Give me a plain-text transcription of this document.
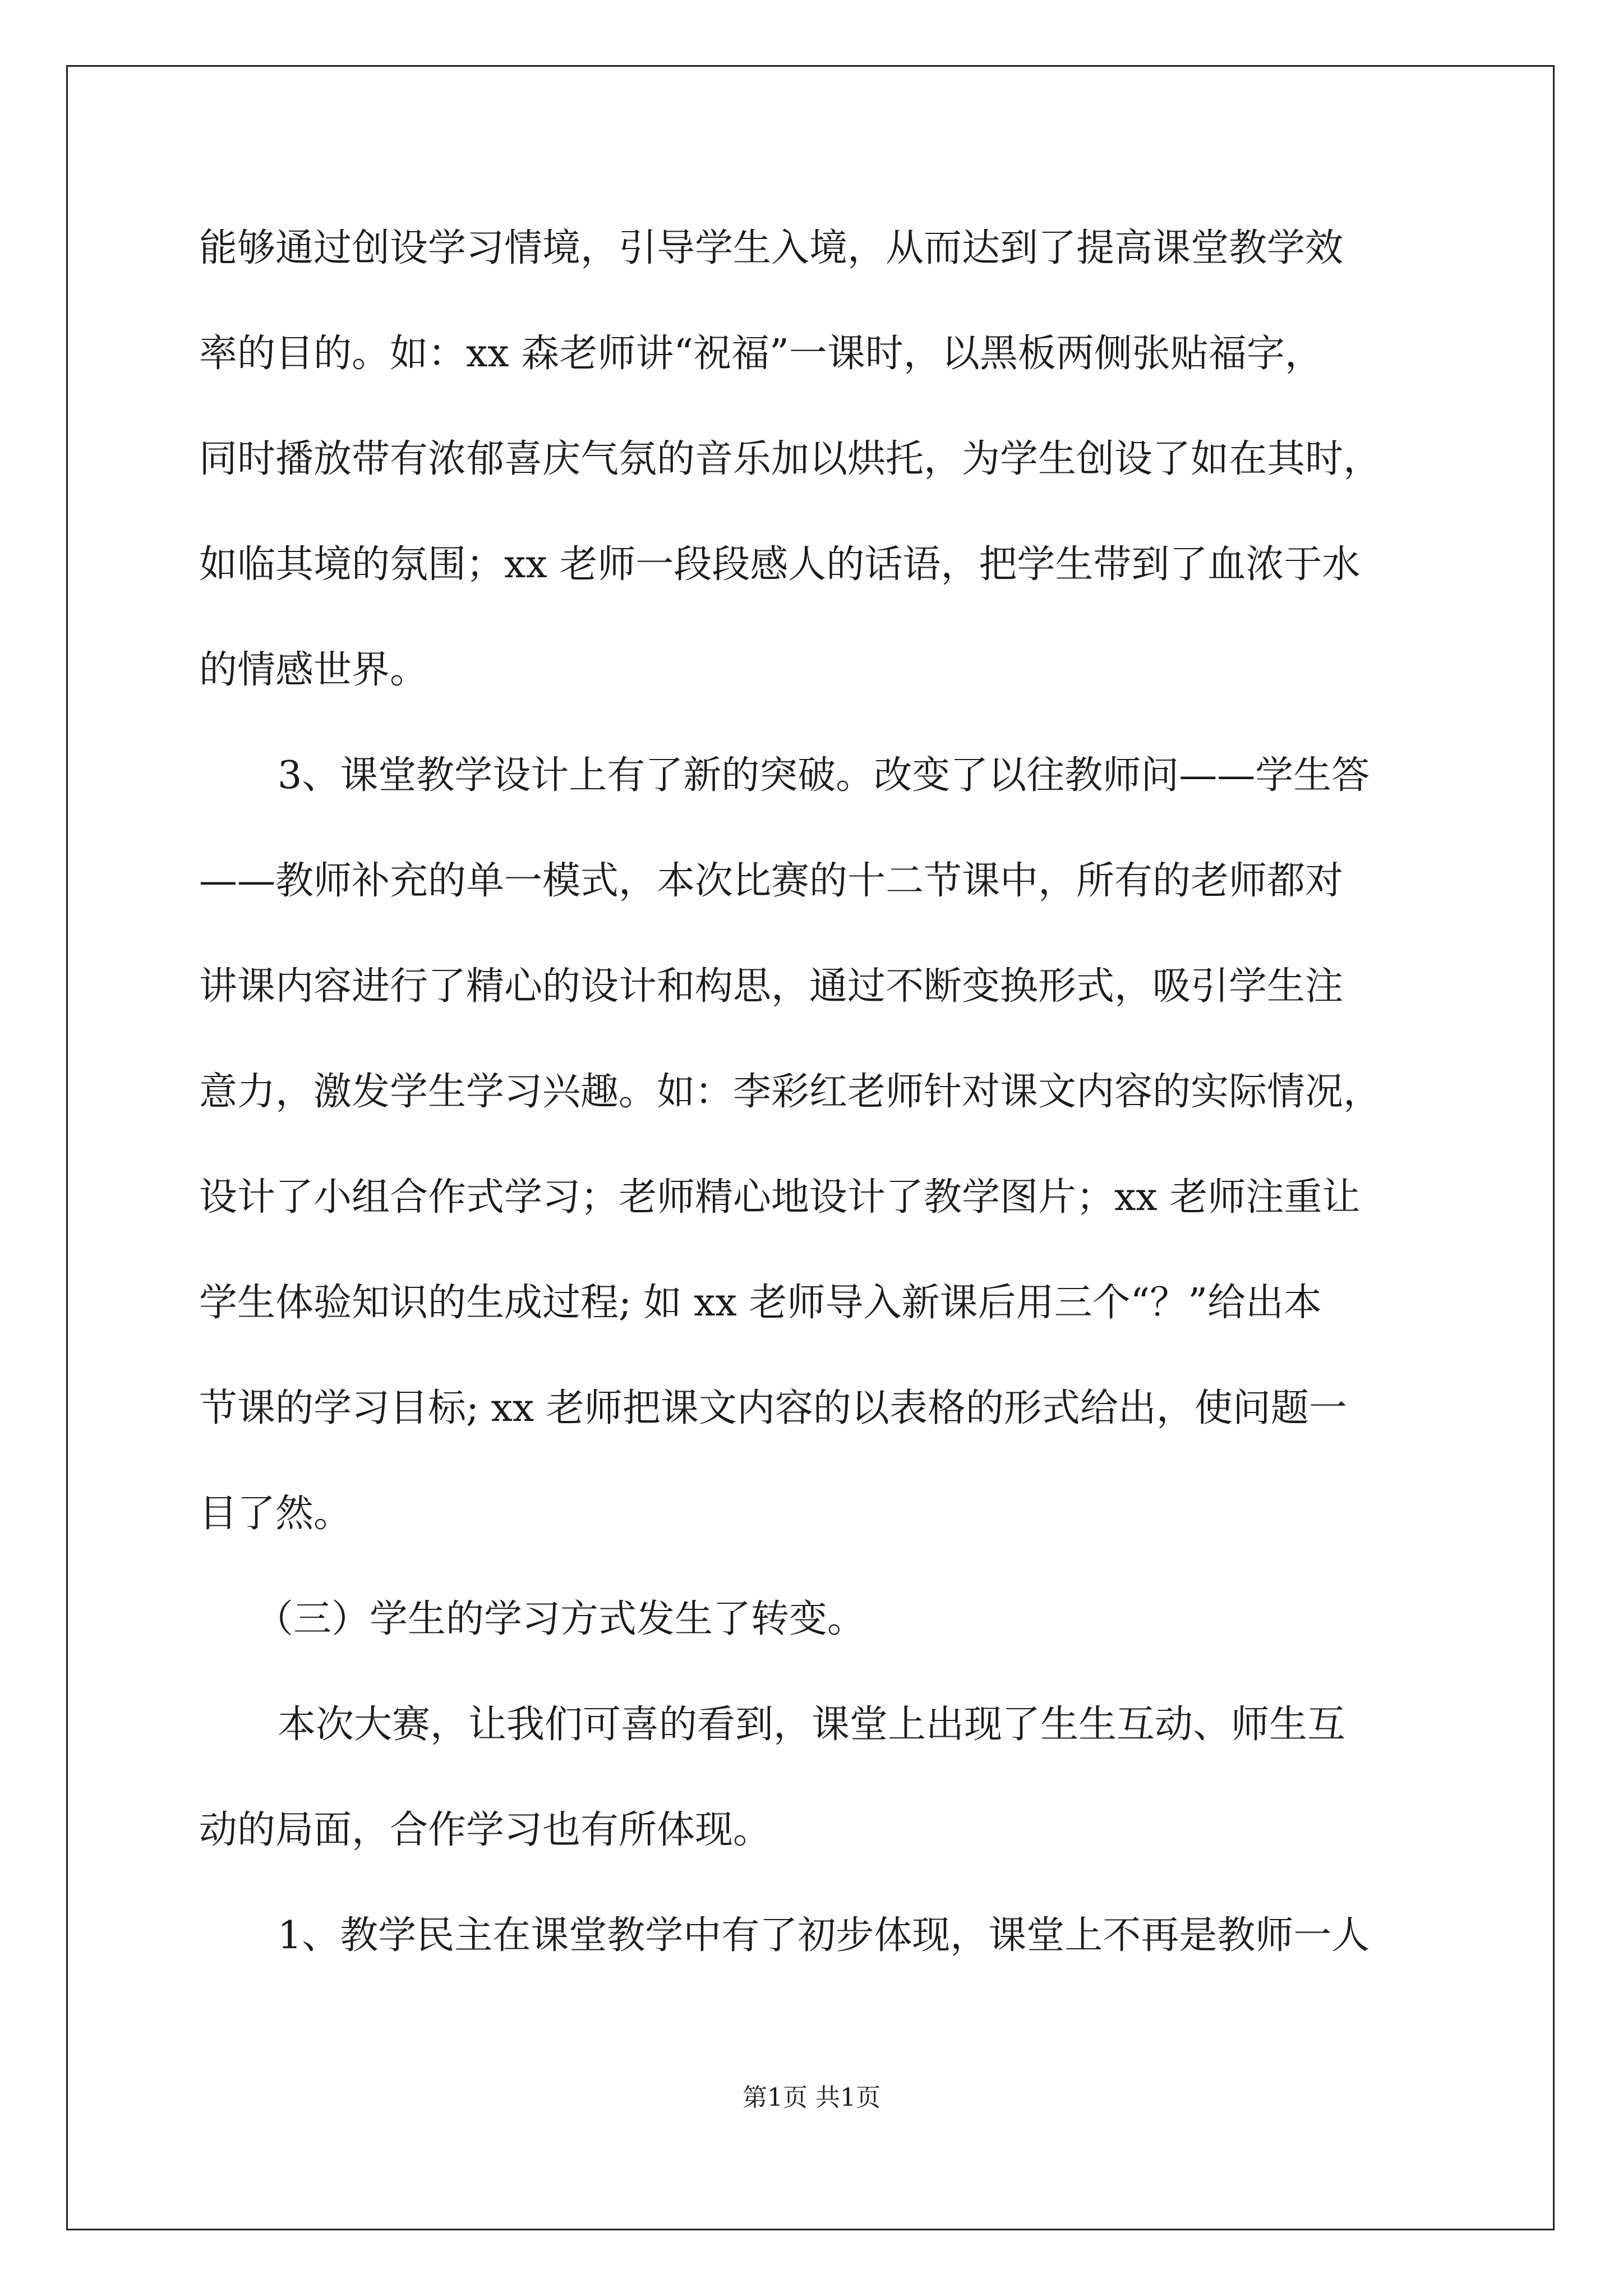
能够通过创设学习情境，引导学生入境，从而达到了提高课堂教学效
率的目的。如：xx 森老师讲“祝福”一课时，以黑板两侧张贴福字，
同时播放带有浓郁喜庆气氛的音乐加以烘托，为学生创设了如在其时，
如临其境的氛围；xx 老师一段段感人的话语，把学生带到了血浓于水
的情感世界。
3、课堂教学设计上有了新的突破。改变了以往教师问——学生答
——教师补充的单一模式，本次比赛的十二节课中，所有的老师都对
讲课内容进行了精心的设计和构思，通过不断变换形式，吸引学生注
意力，激发学生学习兴趣。如：李彩红老师针对课文内容的实际情况，
设计了小组合作式学习；老师精心地设计了教学图片；xx 老师注重让
学生体验知识的生成过程; 如 xx 老师导入新课后用三个“？”给出本
节课的学习目标; xx 老师把课文内容的以表格的形式给出，使问题一
目了然。
（三）学生的学习方式发生了转变。
本次大赛，让我们可喜的看到，课堂上出现了生生互动、师生互
动的局面，合作学习也有所体现。
1、教学民主在课堂教学中有了初步体现，课堂上不再是教师一人
第1页 共1页
